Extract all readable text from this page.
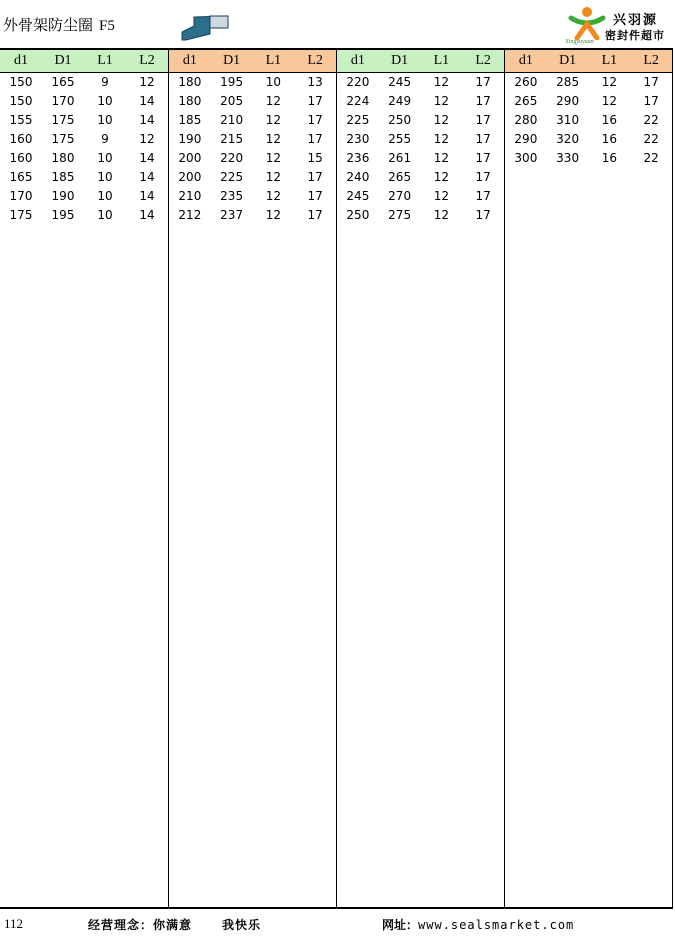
外骨架防尘圈 F5	兴羽源
密封件超市
Xingyuyuan
d1	D1	L1	L2
150	165	9	12
150	170	10	14
155	175	10	14
160	175	9	12
160	180	10	14
165	185	10	14
170	190	10	14
175	195	10	14
d1	D1	L1	L2
180	195	10	13
180	205	12	17
185	210	12	17
190	215	12	17
200	220	12	15
200	225	12	17
210	235	12	17
212	237	12	17
d1	D1	L1	L2
220	245	12	17
224	249	12	17
225	250	12	17
230	255	12	17
236	261	12	17
240	265	12	17
245	270	12	17
250	275	12	17
d1	D1	L1	L2
260	285	12	17
265	290	12	17
280	310	16	22
290	320	16	22
300	330	16	22
112	经营理念：你满意	我快乐	网址：www.sealsmarket.com
